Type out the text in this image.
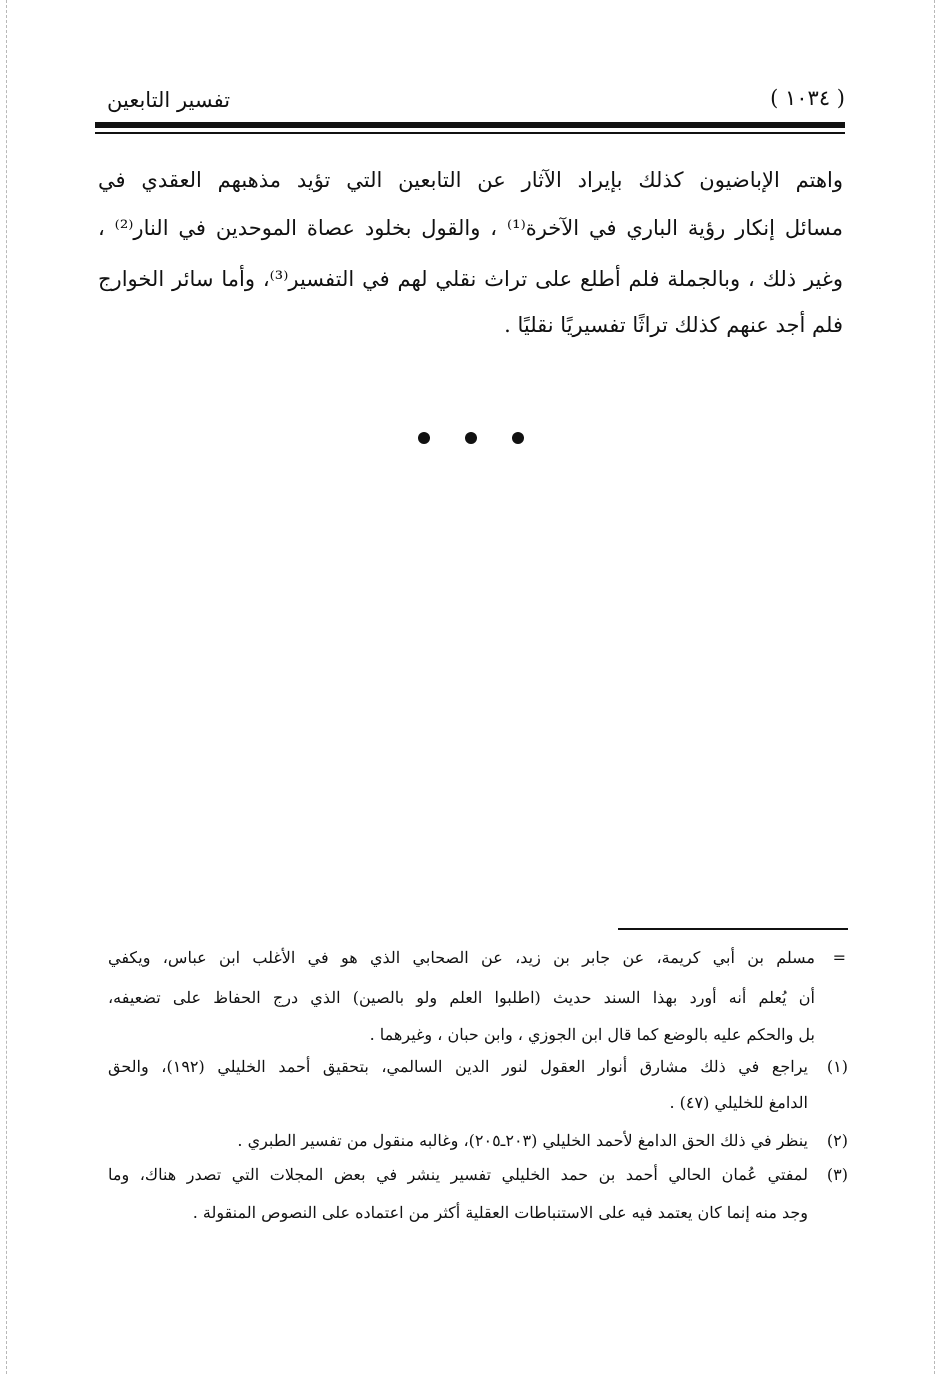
تفسير التابعين	( ١٠٣٤ )
واهتم الإباضيون كذلك بإيراد الآثار عن التابعين التي تؤيد مذهبهم العقدي في
مسائل إنكار رؤية الباري في الآخرة⁽¹⁾ ، والقول بخلود عصاة الموحدين في النار⁽²⁾ ،
وغير ذلك ، وبالجملة فلم أطلع على تراث نقلي لهم في التفسير⁽³⁾، وأما سائر الخوارج
فلم أجد عنهم كذلك تراثًا تفسيريًا نقليًا .
=
مسلم بن أبي كريمة، عن جابر بن زيد، عن الصحابي الذي هو في الأغلب ابن عباس، ويكفي
أن يُعلم أنه أورد بهذا السند حديث (اطلبوا العلم ولو بالصين) الذي درج الحفاظ على تضعيفه،
بل والحكم عليه بالوضع كما قال ابن الجوزي ، وابن حبان ، وغيرهما .
(١)
يراجع في ذلك مشارق أنوار العقول لنور الدين السالمي، بتحقيق أحمد الخليلي (١٩٢)، والحق
الدامغ للخليلي (٤٧) .
(٢)
ينظر في ذلك الحق الدامغ لأحمد الخليلي (٢٠٣ـ٢٠٥)، وغالبه منقول من تفسير الطبري .
(٣)
لمفتي عُمان الحالي أحمد بن حمد الخليلي تفسير ينشر في بعض المجلات التي تصدر هناك، وما
وجد منه إنما كان يعتمد فيه على الاستنباطات العقلية أكثر من اعتماده على النصوص المنقولة .
